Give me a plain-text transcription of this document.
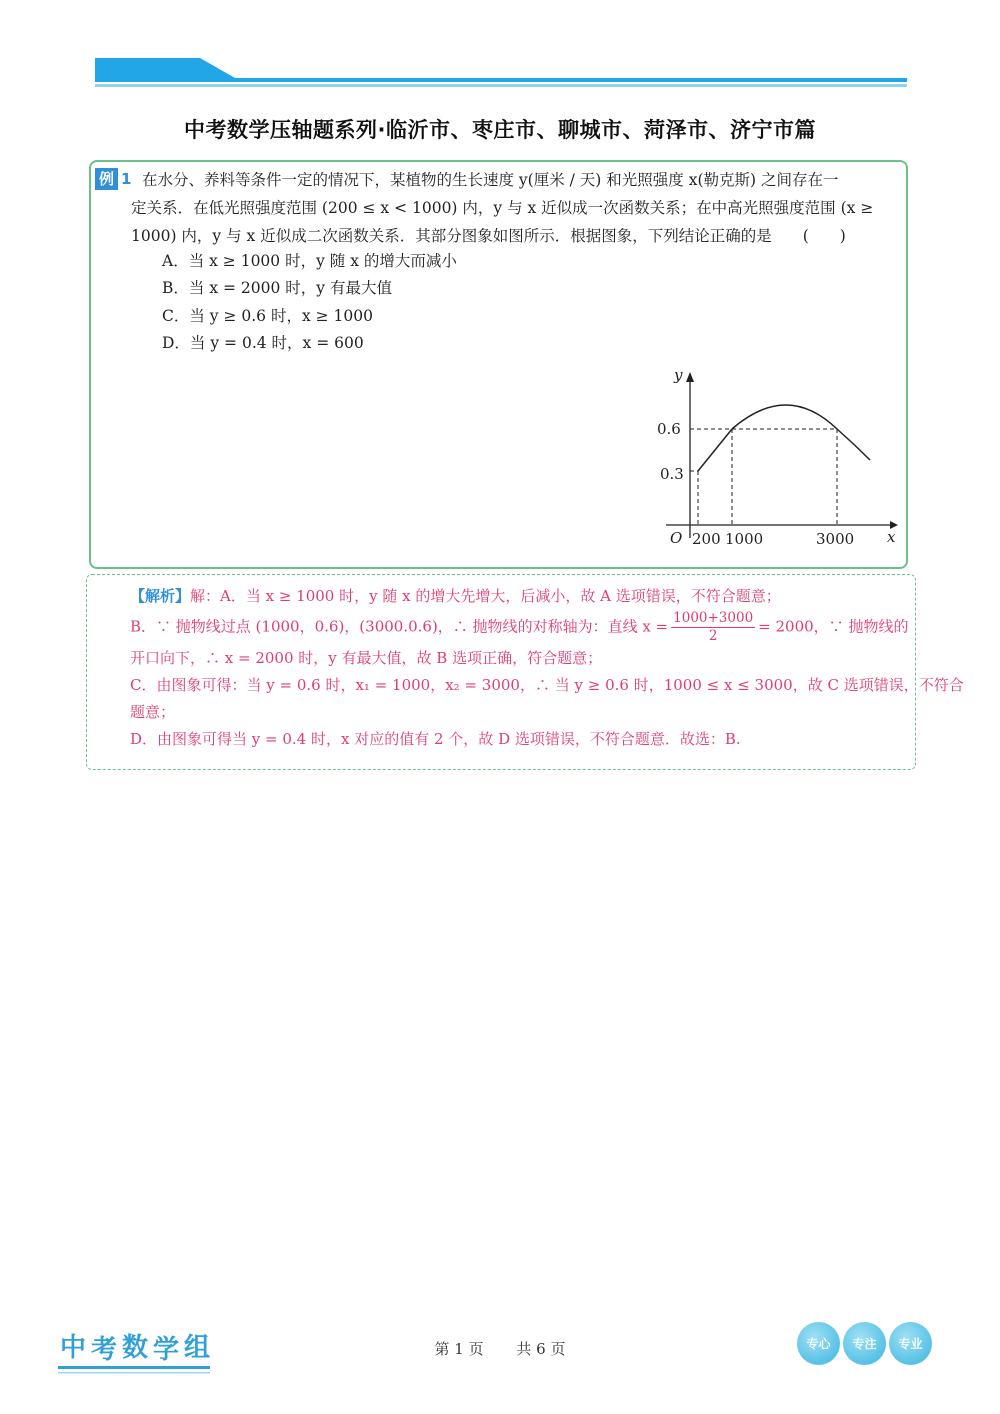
中考数学压轴题系列·临沂市、枣庄市、聊城市、菏泽市、济宁市篇
例 1 在水分、养料等条件一定的情况下，某植物的生长速度 y(厘米 / 天) 和光照强度 x(勒克斯) 之间存在一
定关系．在低光照强度范围 (200 ≤ x < 1000) 内，y 与 x 近似成一次函数关系；在中高光照强度范围 (x ≥
1000) 内，y 与 x 近似成二次函数关系．其部分图象如图所示．根据图象，下列结论正确的是　　(　　)
A．当 x ≥ 1000 时，y 随 x 的增大而减小
B．当 x = 2000 时，y 有最大值
C．当 y ≥ 0.6 时，x ≥ 1000
D．当 y = 0.4 时，x = 600
y
x
O
0.6
0.3
200 1000	3000
【解析】解：A．当 x ≥ 1000 时，y 随 x 的增大先增大，后减小，故 A 选项错误，不符合题意；
B．∵ 抛物线过点 (1000，0.6)，(3000.0.6)，∴ 抛物线的对称轴为：直线 $x = \frac{1000+3000}{2} = 2000$，∵ 抛物线的
开口向下，∴ x = 2000 时，y 有最大值，故 B 选项正确，符合题意；
C．由图象可得：当 y = 0.6 时，x₁ = 1000，x₂ = 3000，∴ 当 y ≥ 0.6 时，1000 ≤ x ≤ 3000，故 C 选项错误，不符合
题意；
D．由图象可得当 y = 0.4 时，x 对应的值有 2 个，故 D 选项错误，不符合题意．故选：B.
中 考 数 学 组	第 1 页 共 6 页	专心	专注	专业
